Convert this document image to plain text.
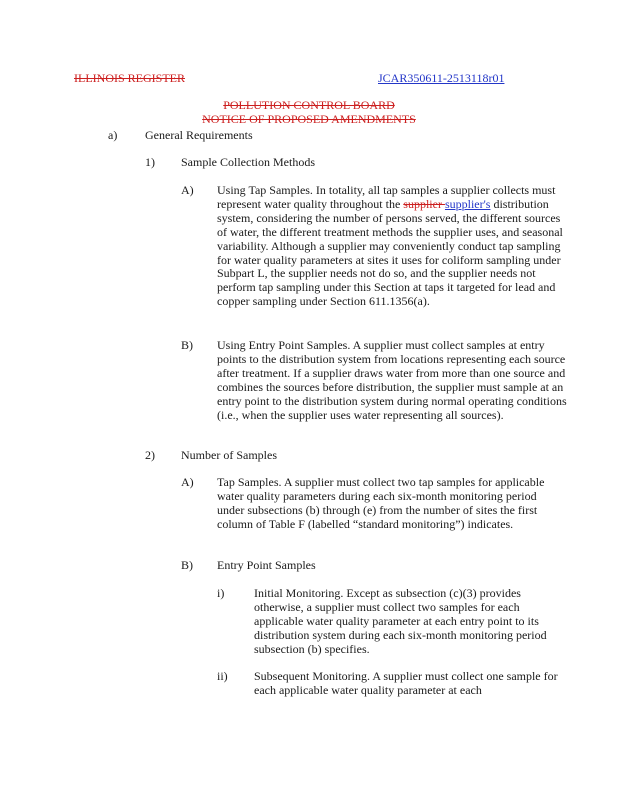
ILLINOIS REGISTER	JCAR350611-2513118r01
POLLUTION CONTROL BOARD
NOTICE OF PROPOSED AMENDMENTS
a) General Requirements
1) Sample Collection Methods
A) Using Tap Samples. In totality, all tap samples a supplier collects must represent water quality throughout the supplier supplier's distribution system, considering the number of persons served, the different sources of water, the different treatment methods the supplier uses, and seasonal variability. Although a supplier may conveniently conduct tap sampling for water quality parameters at sites it uses for coliform sampling under Subpart L, the supplier needs not do so, and the supplier needs not perform tap sampling under this Section at taps it targeted for lead and copper sampling under Section 611.1356(a).
B) Using Entry Point Samples. A supplier must collect samples at entry points to the distribution system from locations representing each source after treatment. If a supplier draws water from more than one source and combines the sources before distribution, the supplier must sample at an entry point to the distribution system during normal operating conditions (i.e., when the supplier uses water representing all sources).
2) Number of Samples
A) Tap Samples. A supplier must collect two tap samples for applicable water quality parameters during each six-month monitoring period under subsections (b) through (e) from the number of sites the first column of Table F (labelled “standard monitoring”) indicates.
B) Entry Point Samples
i) Initial Monitoring. Except as subsection (c)(3) provides otherwise, a supplier must collect two samples for each applicable water quality parameter at each entry point to its distribution system during each six-month monitoring period subsection (b) specifies.
ii) Subsequent Monitoring. A supplier must collect one sample for each applicable water quality parameter at each
